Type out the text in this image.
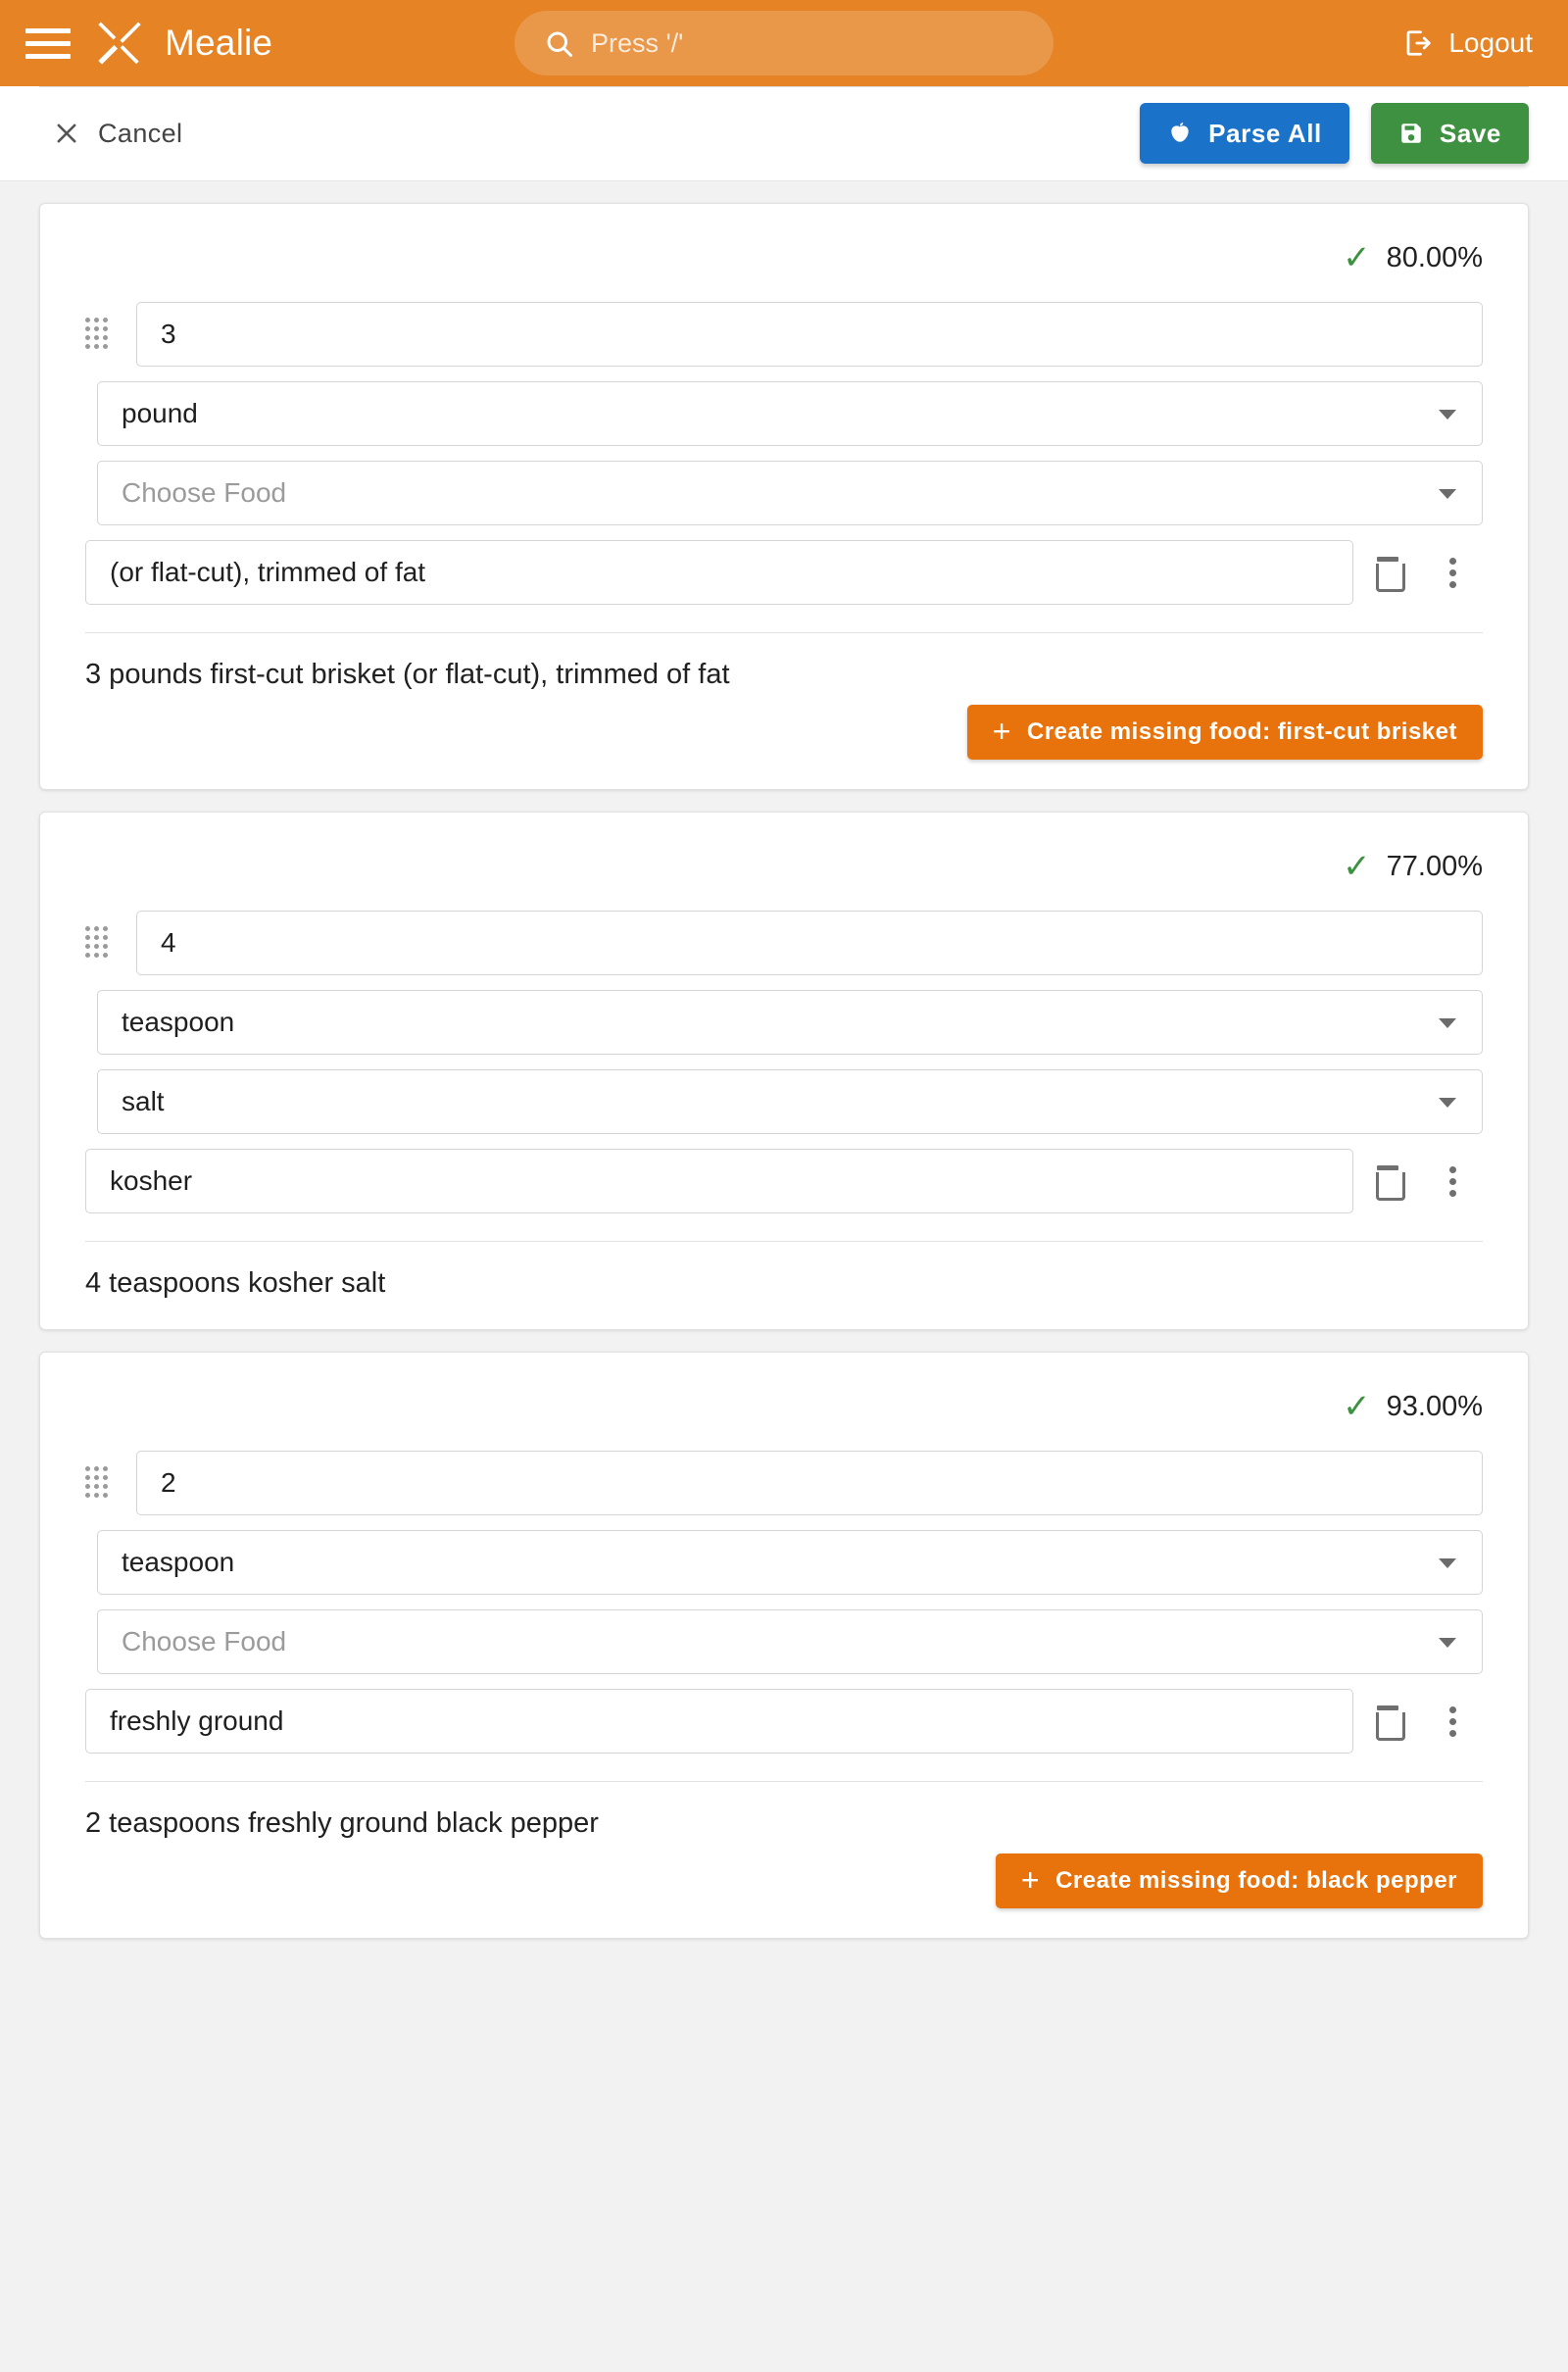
Mealie	Press '/'	Logout
Cancel	Parse All	Save
✓ 80.00%
3
pound
Choose Food
(or flat-cut), trimmed of fat
3 pounds first-cut brisket (or flat-cut), trimmed of fat
+ Create missing food: first-cut brisket
✓ 77.00%
4
teaspoon
salt
kosher
4 teaspoons kosher salt
✓ 93.00%
2
teaspoon
Choose Food
freshly ground
2 teaspoons freshly ground black pepper
+ Create missing food: black pepper
